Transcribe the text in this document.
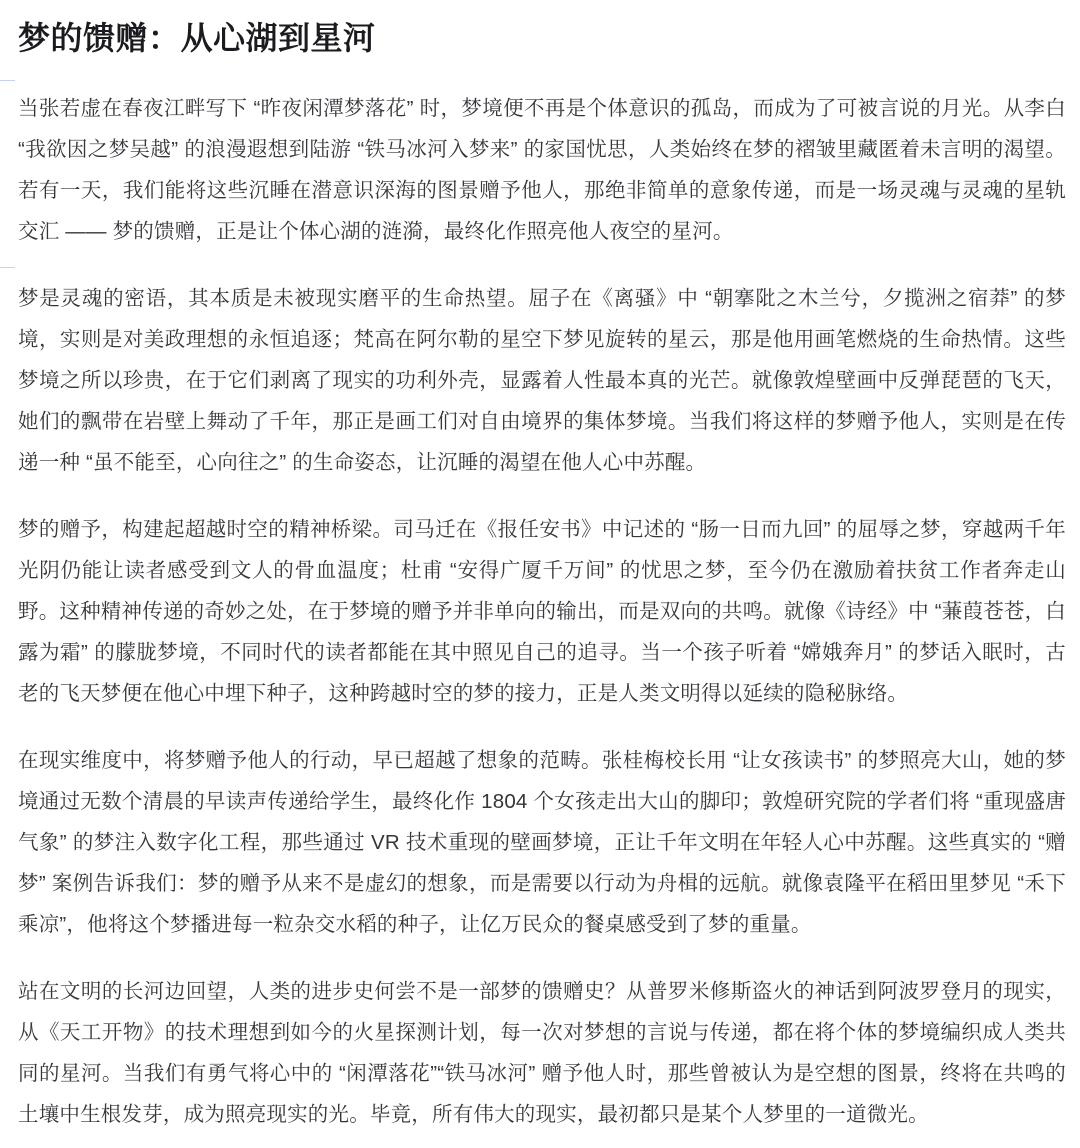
梦的馈赠：从心湖到星河

当张若虚在春夜江畔写下 “昨夜闲潭梦落花” 时，梦境便不再是个体意识的孤岛，而成为了可被言说的月光。从李白 “我欲因之梦吴越” 的浪漫遐想到陆游 “铁马冰河入梦来” 的家国忧思，人类始终在梦的褶皱里藏匿着未言明的渴望。若有一天，我们能将这些沉睡在潜意识深海的图景赠予他人，那绝非简单的意象传递，而是一场灵魂与灵魂的星轨交汇 —— 梦的馈赠，正是让个体心湖的涟漪，最终化作照亮他人夜空的星河。

梦是灵魂的密语，其本质是未被现实磨平的生命热望。屈子在《离骚》中 “朝搴阰之木兰兮，夕揽洲之宿莽” 的梦境，实则是对美政理想的永恒追逐；梵高在阿尔勒的星空下梦见旋转的星云，那是他用画笔燃烧的生命热情。这些梦境之所以珍贵，在于它们剥离了现实的功利外壳，显露着人性最本真的光芒。就像敦煌壁画中反弹琵琶的飞天，她们的飘带在岩壁上舞动了千年，那正是画工们对自由境界的集体梦境。当我们将这样的梦赠予他人，实则是在传递一种 “虽不能至，心向往之” 的生命姿态，让沉睡的渴望在他人心中苏醒。

梦的赠予，构建起超越时空的精神桥梁。司马迁在《报任安书》中记述的 “肠一日而九回” 的屈辱之梦，穿越两千年光阴仍能让读者感受到文人的骨血温度；杜甫 “安得广厦千万间” 的忧思之梦，至今仍在激励着扶贫工作者奔走山野。这种精神传递的奇妙之处，在于梦境的赠予并非单向的输出，而是双向的共鸣。就像《诗经》中 “蒹葭苍苍，白露为霜” 的朦胧梦境，不同时代的读者都能在其中照见自己的追寻。当一个孩子听着 “嫦娥奔月” 的梦话入眠时，古老的飞天梦便在他心中埋下种子，这种跨越时空的梦的接力，正是人类文明得以延续的隐秘脉络。

在现实维度中，将梦赠予他人的行动，早已超越了想象的范畴。张桂梅校长用 “让女孩读书” 的梦照亮大山，她的梦境通过无数个清晨的早读声传递给学生，最终化作 1804 个女孩走出大山的脚印；敦煌研究院的学者们将 “重现盛唐气象” 的梦注入数字化工程，那些通过 VR 技术重现的壁画梦境，正让千年文明在年轻人心中苏醒。这些真实的 “赠梦” 案例告诉我们：梦的赠予从来不是虚幻的想象，而是需要以行动为舟楫的远航。就像袁隆平在稻田里梦见 “禾下乘凉”，他将这个梦播进每一粒杂交水稻的种子，让亿万民众的餐桌感受到了梦的重量。

站在文明的长河边回望，人类的进步史何尝不是一部梦的馈赠史？从普罗米修斯盗火的神话到阿波罗登月的现实，从《天工开物》的技术理想到如今的火星探测计划，每一次对梦想的言说与传递，都在将个体的梦境编织成人类共同的星河。当我们有勇气将心中的 “闲潭落花”“铁马冰河” 赠予他人时，那些曾被认为是空想的图景，终将在共鸣的土壤中生根发芽，成为照亮现实的光。毕竟，所有伟大的现实，最初都只是某个人梦里的一道微光。
